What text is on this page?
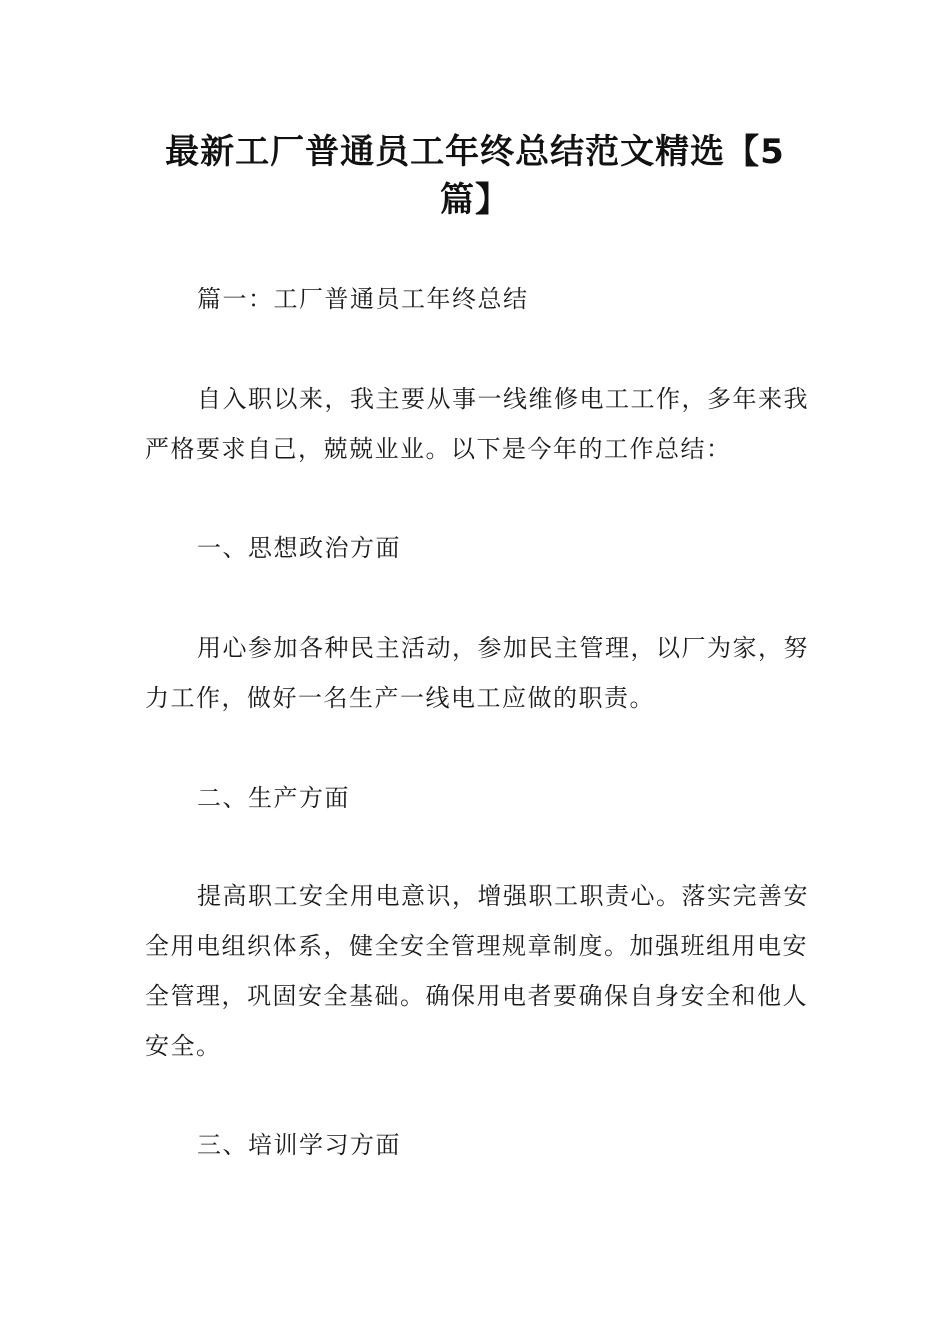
最新工厂普通员工年终总结范文精选【5篇】

篇一：工厂普通员工年终总结

自入职以来，我主要从事一线维修电工工作，多年来我严格要求自己，兢兢业业。以下是今年的工作总结：

一、思想政治方面

用心参加各种民主活动，参加民主管理，以厂为家，努力工作，做好一名生产一线电工应做的职责。

二、生产方面

提高职工安全用电意识，增强职工职责心。落实完善安全用电组织体系，健全安全管理规章制度。加强班组用电安全管理，巩固安全基础。确保用电者要确保自身安全和他人安全。

三、培训学习方面
